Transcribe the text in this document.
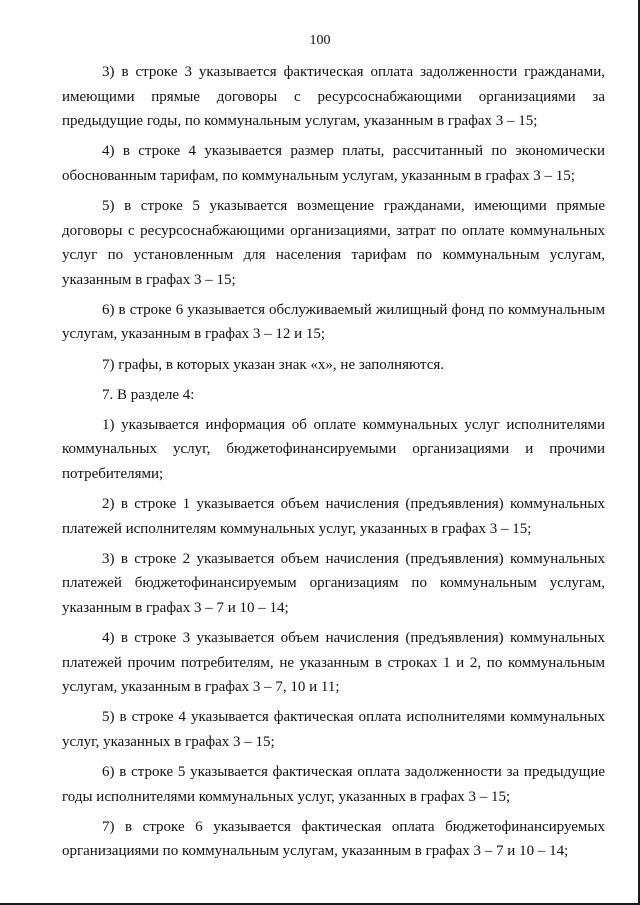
100

3) в строке 3 указывается фактическая оплата задолженности гражданами, имеющими прямые договоры с ресурсоснабжающими организациями за предыдущие годы, по коммунальным услугам, указанным в графах 3 – 15;

4) в строке 4 указывается размер платы, рассчитанный по экономически обоснованным тарифам, по коммунальным услугам, указанным в графах 3 – 15;

5) в строке 5 указывается возмещение гражданами, имеющими прямые договоры с ресурсоснабжающими организациями, затрат по оплате коммунальных услуг по установленным для населения тарифам по коммунальным услугам, указанным в графах 3 – 15;

6) в строке 6 указывается обслуживаемый жилищный фонд по коммунальным услугам, указанным в графах 3 – 12 и 15;

7) графы, в которых указан знак «х», не заполняются.

7. В разделе 4:

1) указывается информация об оплате коммунальных услуг исполнителями коммунальных услуг, бюджетофинансируемыми организациями и прочими потребителями;

2) в строке 1 указывается объем начисления (предъявления) коммунальных платежей исполнителям коммунальных услуг, указанных в графах 3 – 15;

3) в строке 2 указывается объем начисления (предъявления) коммунальных платежей бюджетофинансируемым организациям по коммунальным услугам, указанным в графах 3 – 7 и 10 – 14;

4) в строке 3 указывается объем начисления (предъявления) коммунальных платежей прочим потребителям, не указанным в строках 1 и 2, по коммунальным услугам, указанным в графах 3 – 7, 10 и 11;

5) в строке 4 указывается фактическая оплата исполнителями коммунальных услуг, указанных в графах 3 – 15;

6) в строке 5 указывается фактическая оплата задолженности за предыдущие годы исполнителями коммунальных услуг, указанных в графах 3 – 15;

7) в строке 6 указывается фактическая оплата бюджетофинансируемых организациями по коммунальным услугам, указанным в графах 3 – 7 и 10 – 14;
